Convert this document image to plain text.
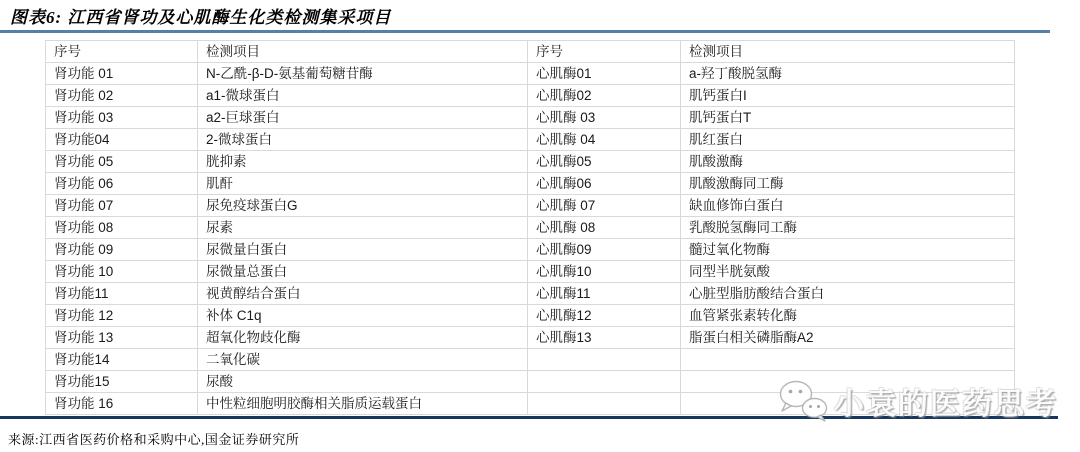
图表6: 江西省肾功及心肌酶生化类检测集采项目
序号	检测项目	序号	检测项目
肾功能 01	N-乙酰-β-D-氨基葡萄糖苷酶	心肌酶01	a-羟丁酸脱氢酶
肾功能 02	a1-微球蛋白	心肌酶02	肌钙蛋白I
肾功能 03	a2-巨球蛋白	心肌酶 03	肌钙蛋白T
肾功能04	2-微球蛋白	心肌酶 04	肌红蛋白
肾功能 05	胱抑素	心肌酶05	肌酸激酶
肾功能 06	肌酐	心肌酶06	肌酸激酶同工酶
肾功能 07	尿免疫球蛋白G	心肌酶 07	缺血修饰白蛋白
肾功能 08	尿素	心肌酶 08	乳酸脱氢酶同工酶
肾功能 09	尿微量白蛋白	心肌酶09	髓过氧化物酶
肾功能 10	尿微量总蛋白	心肌酶10	同型半胱氨酸
肾功能11	视黄醇结合蛋白	心肌酶11	心脏型脂肪酸结合蛋白
肾功能 12	补体 C1q	心肌酶12	血管紧张素转化酶
肾功能 13	超氧化物歧化酶	心肌酶13	脂蛋白相关磷脂酶A2
肾功能14	二氧化碳		
肾功能15	尿酸		
肾功能 16	中性粒细胞明胶酶相关脂质运载蛋白		
来源:江西省医药价格和采购中心,国金证券研究所
小袁的医药思考
